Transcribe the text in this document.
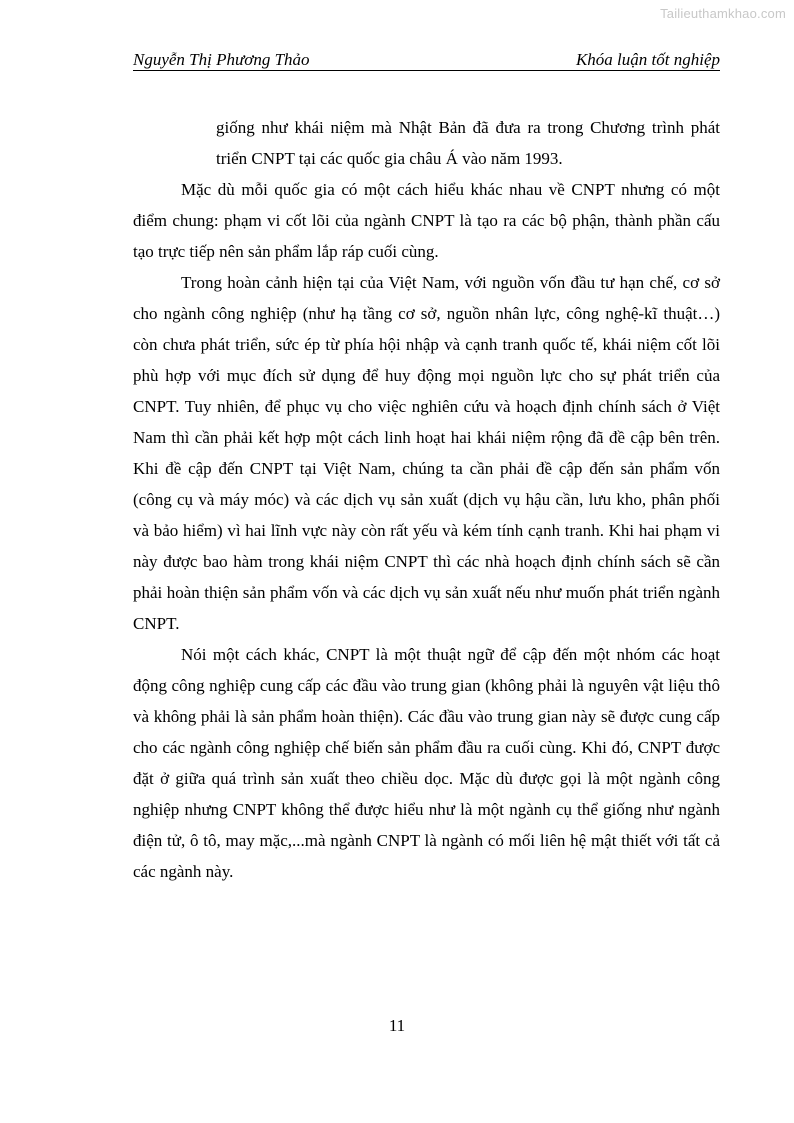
Tailieuthamkhao.com
Nguyễn Thị Phương Thảo	Khóa luận tốt nghiệp

giống như khái niệm mà Nhật Bản đã đưa ra trong Chương trình phát triển CNPT tại các quốc gia châu Á vào năm 1993.

Mặc dù mỗi quốc gia có một cách hiểu khác nhau về CNPT nhưng có một điểm chung: phạm vi cốt lõi của ngành CNPT là tạo ra các bộ phận, thành phần cấu tạo trực tiếp nên sản phẩm lắp ráp cuối cùng.

Trong hoàn cảnh hiện tại của Việt Nam, với nguồn vốn đầu tư hạn chế, cơ sở cho ngành công nghiệp (như hạ tầng cơ sở, nguồn nhân lực, công nghệ-kĩ thuật…) còn chưa phát triển, sức ép từ phía hội nhập và cạnh tranh quốc tế, khái niệm cốt lõi phù hợp với mục đích sử dụng để huy động mọi nguồn lực cho sự phát triển của CNPT. Tuy nhiên, để phục vụ cho việc nghiên cứu và hoạch định chính sách ở Việt Nam thì cần phải kết hợp một cách linh hoạt hai khái niệm rộng đã đề cập bên trên. Khi đề cập đến CNPT tại Việt Nam, chúng ta cần phải đề cập đến sản phẩm vốn (công cụ và máy móc) và các dịch vụ sản xuất (dịch vụ hậu cần, lưu kho, phân phối và bảo hiểm) vì hai lĩnh vực này còn rất yếu và kém tính cạnh tranh. Khi hai phạm vi này được bao hàm trong khái niệm CNPT thì các nhà hoạch định chính sách sẽ cần phải hoàn thiện sản phẩm vốn và các dịch vụ sản xuất nếu như muốn phát triển ngành CNPT.

Nói một cách khác, CNPT là một thuật ngữ để cập đến một nhóm các hoạt động công nghiệp cung cấp các đầu vào trung gian (không phải là nguyên vật liệu thô và không phải là sản phẩm hoàn thiện). Các đầu vào trung gian này sẽ được cung cấp cho các ngành công nghiệp chế biến sản phẩm đầu ra cuối cùng. Khi đó, CNPT được đặt ở giữa quá trình sản xuất theo chiều dọc. Mặc dù được gọi là một ngành công nghiệp nhưng CNPT không thể được hiểu như là một ngành cụ thể giống như ngành điện tử, ô tô, may mặc,...mà ngành CNPT là ngành có mối liên hệ mật thiết với tất cả các ngành này.

11
